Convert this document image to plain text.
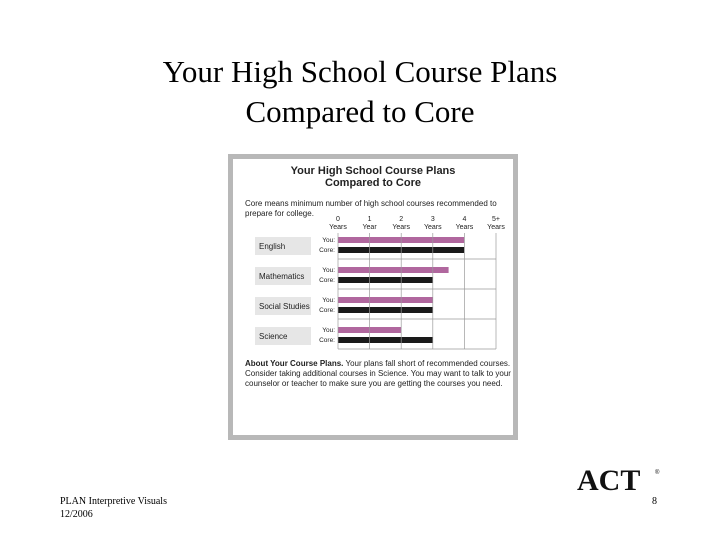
Your High School Course Plans
Compared to Core
Your High School Course Plans
Compared to Core
Core means minimum number of high school courses recommended to prepare for college.
0
Years
1
Year
2
Years
3
Years
4
Years
5+
Years
English
You:
Core:
Mathematics
You:
Core:
Social Studies
You:
Core:
Science
You:
Core:
About Your Course Plans. Your plans fall short of recommended courses. Consider taking additional courses in Science. You may want to talk to your counselor or teacher to make sure you are getting the courses you need.
ACT ®
PLAN Interpretive Visuals
12/2006
8
